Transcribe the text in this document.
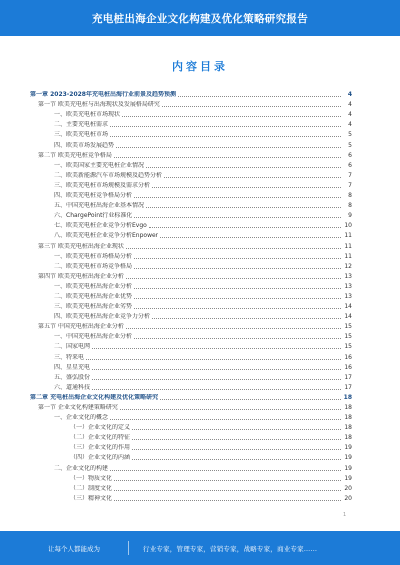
充电桩出海企业文化构建及优化策略研究报告
内容目录
第一章 2023-2028年充电桩出海行业前景及趋势预测	4
第一节 欧美充电桩与出海现状及发展格局研究	4
一、欧美充电桩市场现状	4
二、主要充电桩需求	4
三、欧美充电桩市场	5
四、欧美市场发展趋势	5
第二节 欧美充电桩竞争格局	6
一、欧美国家主要充电桩企业情况	6
二、欧美新能源汽车市场规模及趋势分析	7
三、欧美充电桩市场规模及需求分析	7
四、欧美充电桩竞争格局分析	8
五、中国充电桩出海企业基本情况	8
六、ChargePoint行业标准化	9
七、欧美充电桩企业竞争分析Evgo	10
八、欧美充电桩企业竞争分析Enpower	11
第三节 欧美充电桩出海企业现状	11
一、欧美充电桩市场格局分析	11
二、欧美充电桩市场竞争格局	12
第四节 欧美充电桩出海企业分析	13
一、欧美充电桩出海企业分析	13
二、欧美充电桩出海企业优势	13
三、欧美充电桩出海企业劣势	14
四、欧美充电桩出海企业竞争力分析	14
第五节 中国充电桩出海企业分析	15
一、中国充电桩出海企业分析	15
二、国家电网	15
三、特来电	16
四、星星充电	16
五、盛弘股份	17
六、道通科技	17
第二章 充电桩出海企业文化构建及优化策略研究	18
第一节 企业文化构建策略研究	18
一、企业文化的概念	18
（一）企业文化的定义	18
（二）企业文化的特征	18
（三）企业文化的作用	19
（四）企业文化的内涵	19
二、企业文化的构建	19
（一）物质文化	19
（二）制度文化	20
（三）精神文化	20
1
让每个人都能成为	行业专家，管理专家，营销专家，战略专家，商业专家……
